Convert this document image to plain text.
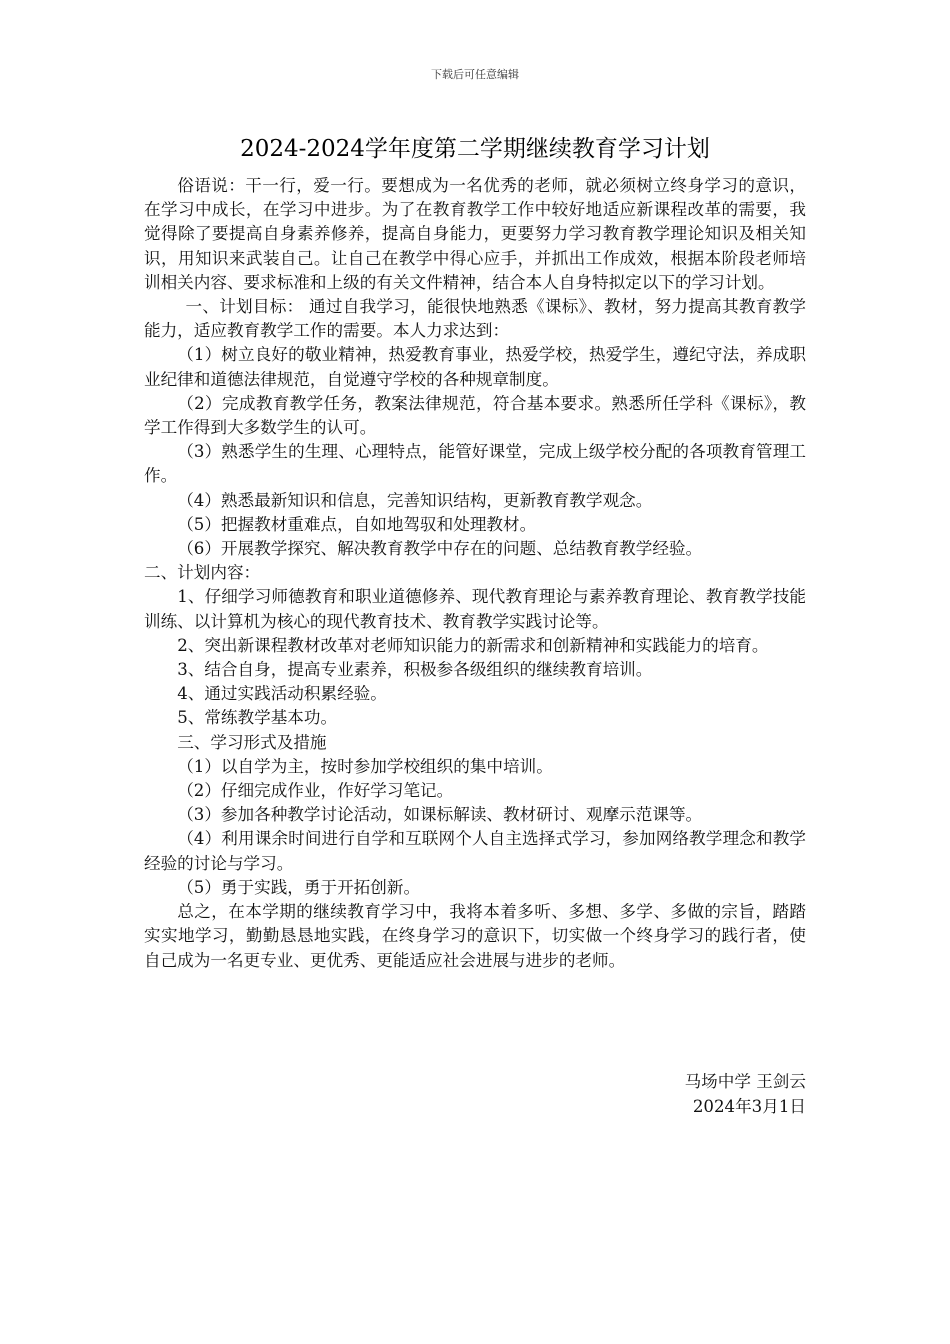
下载后可任意编辑
2024-2024学年度第二学期继续教育学习计划

俗语说：干一行，爱一行。要想成为一名优秀的老师，就必须树立终身学习的意识，在学习中成长，在学习中进步。为了在教育教学工作中较好地适应新课程改革的需要，我觉得除了要提高自身素养修养，提高自身能力，更要努力学习教育教学理论知识及相关知识，用知识来武装自己。让自己在教学中得心应手，并抓出工作成效，根据本阶段老师培训相关内容、要求标准和上级的有关文件精神，结合本人自身特拟定以下的学习计划。

一、计划目标： 通过自我学习，能很快地熟悉《课标》、教材，努力提高其教育教学能力，适应教育教学工作的需要。本人力求达到：

（1）树立良好的敬业精神，热爱教育事业，热爱学校，热爱学生，遵纪守法，养成职业纪律和道德法律规范，自觉遵守学校的各种规章制度。

（2）完成教育教学任务，教案法律规范，符合基本要求。熟悉所任学科《课标》，教学工作得到大多数学生的认可。

（3）熟悉学生的生理、心理特点，能管好课堂，完成上级学校分配的各项教育管理工作。

（4）熟悉最新知识和信息，完善知识结构，更新教育教学观念。

（5）把握教材重难点，自如地驾驭和处理教材。

（6）开展教学探究、解决教育教学中存在的问题、总结教育教学经验。

二、计划内容：

1、仔细学习师德教育和职业道德修养、现代教育理论与素养教育理论、教育教学技能训练、以计算机为核心的现代教育技术、教育教学实践讨论等。

2、突出新课程教材改革对老师知识能力的新需求和创新精神和实践能力的培育。

3、结合自身，提高专业素养，积极参各级组织的继续教育培训。

4、通过实践活动积累经验。

5、常练教学基本功。

三、学习形式及措施

（1）以自学为主，按时参加学校组织的集中培训。

（2）仔细完成作业，作好学习笔记。

（3）参加各种教学讨论活动，如课标解读、教材研讨、观摩示范课等。

（4）利用课余时间进行自学和互联网个人自主选择式学习，参加网络教学理念和教学经验的讨论与学习。

（5）勇于实践，勇于开拓创新。

总之，在本学期的继续教育学习中，我将本着多听、多想、多学、多做的宗旨，踏踏实实地学习，勤勤恳恳地实践，在终身学习的意识下，切实做一个终身学习的践行者，使自己成为一名更专业、更优秀、更能适应社会进展与进步的老师。

马场中学 王剑云
2024年3月1日
